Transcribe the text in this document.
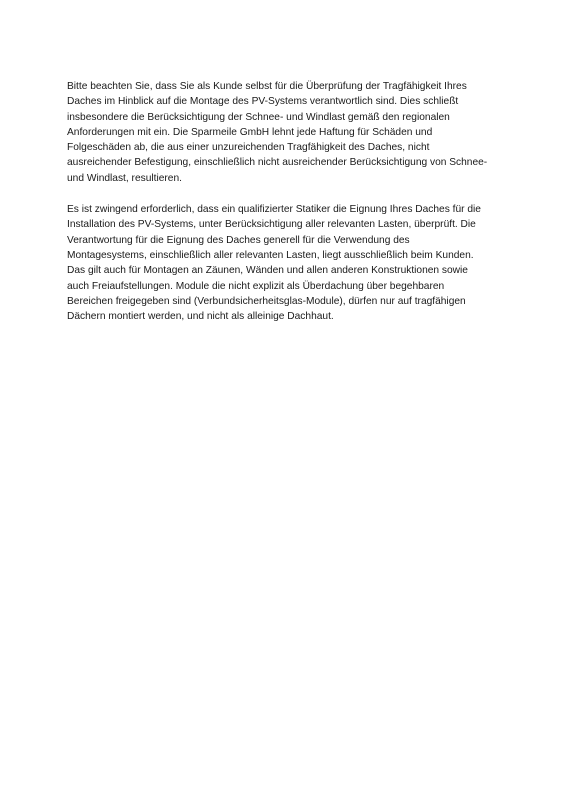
Bitte beachten Sie, dass Sie als Kunde selbst für die Überprüfung der Tragfähigkeit Ihres
Daches im Hinblick auf die Montage des PV-Systems verantwortlich sind. Dies schließt
insbesondere die Berücksichtigung der Schnee- und Windlast gemäß den regionalen
Anforderungen mit ein. Die Sparmeile GmbH lehnt jede Haftung für Schäden und
Folgeschäden ab, die aus einer unzureichenden Tragfähigkeit des Daches, nicht
ausreichender Befestigung, einschließlich nicht ausreichender Berücksichtigung von Schnee-
und Windlast, resultieren.

Es ist zwingend erforderlich, dass ein qualifizierter Statiker die Eignung Ihres Daches für die
Installation des PV-Systems, unter Berücksichtigung aller relevanten Lasten, überprüft. Die
Verantwortung für die Eignung des Daches generell für die Verwendung des
Montagesystems, einschließlich aller relevanten Lasten, liegt ausschließlich beim Kunden.
Das gilt auch für Montagen an Zäunen, Wänden und allen anderen Konstruktionen sowie
auch Freiaufstellungen. Module die nicht explizit als Überdachung über begehbaren
Bereichen freigegeben sind (Verbundsicherheitsglas-Module), dürfen nur auf tragfähigen
Dächern montiert werden, und nicht als alleinige Dachhaut.
